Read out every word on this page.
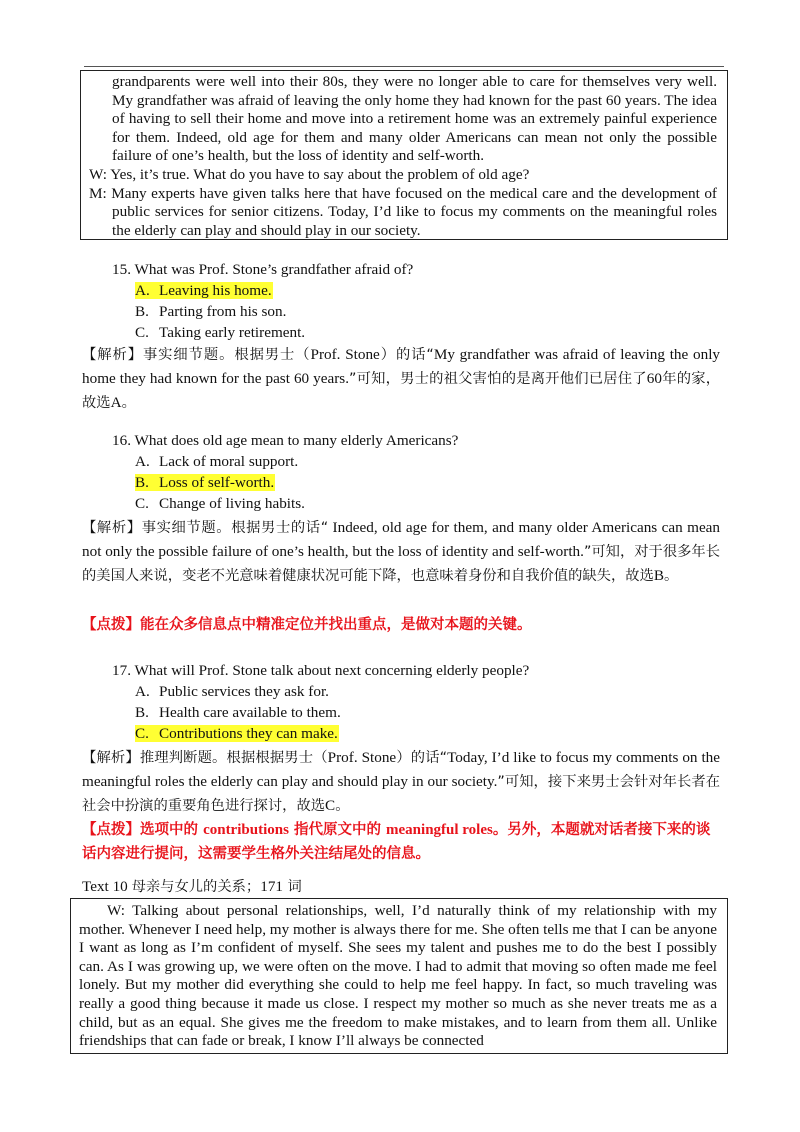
grandparents were well into their 80s, they were no longer able to care for themselves very well. My grandfather was afraid of leaving the only home they had known for the past 60 years. The idea of having to sell their home and move into a retirement home was an extremely painful experience for them. Indeed, old age for them and many older Americans can mean not only the possible failure of one’s health, but the loss of identity and self-worth.
W: Yes, it’s true. What do you have to say about the problem of old age?
M: Many experts have given talks here that have focused on the medical care and the development of public services for senior citizens. Today, I’d like to focus my comments on the meaningful roles the elderly can play and should play in our society.
15. What was Prof. Stone’s grandfather afraid of?
A. Leaving his home.
B. Parting from his son.
C. Taking early retirement.
【解析】事实细节题。根据男士（Prof. Stone）的话“My grandfather was afraid of leaving the only home they had known for the past 60 years.”可知，男士的祖父害怕的是离开他们已居住了60年的家，故选A。
16. What does old age mean to many elderly Americans?
A. Lack of moral support.
B. Loss of self-worth.
C. Change of living habits.
【解析】事实细节题。根据男士的话“ Indeed, old age for them, and many older Americans can mean not only the possible failure of one’s health, but the loss of identity and self-worth.”可知，对于很多年长的美国人来说，变老不光意味着健康状况可能下降，也意味着身份和自我价值的缺失，故选B。
【点拨】能在众多信息点中精准定位并找出重点，是做对本题的关键。
17. What will Prof. Stone talk about next concerning elderly people?
A. Public services they ask for.
B. Health care available to them.
C. Contributions they can make.
【解析】推理判断题。根据根据男士（Prof. Stone）的话“Today, I’d like to focus my comments on the meaningful roles the elderly can play and should play in our society.”可知，接下来男士会针对年长者在社会中扮演的重要角色进行探讨，故选C。
【点拨】选项中的 contributions 指代原文中的 meaningful roles。另外，本题就对话者接下来的谈话内容进行提问，这需要学生格外关注结尾处的信息。
Text 10 母亲与女儿的关系；171 词
W: Talking about personal relationships, well, I’d naturally think of my relationship with my mother. Whenever I need help, my mother is always there for me. She often tells me that I can be anyone I want as long as I’m confident of myself. She sees my talent and pushes me to do the best I possibly can. As I was growing up, we were often on the move. I had to admit that moving so often made me feel lonely. But my mother did everything she could to help me feel happy. In fact, so much traveling was really a good thing because it made us close. I respect my mother so much as she never treats me as a child, but as an equal. She gives me the freedom to make mistakes, and to learn from them all. Unlike friendships that can fade or break, I know I’ll always be connected
